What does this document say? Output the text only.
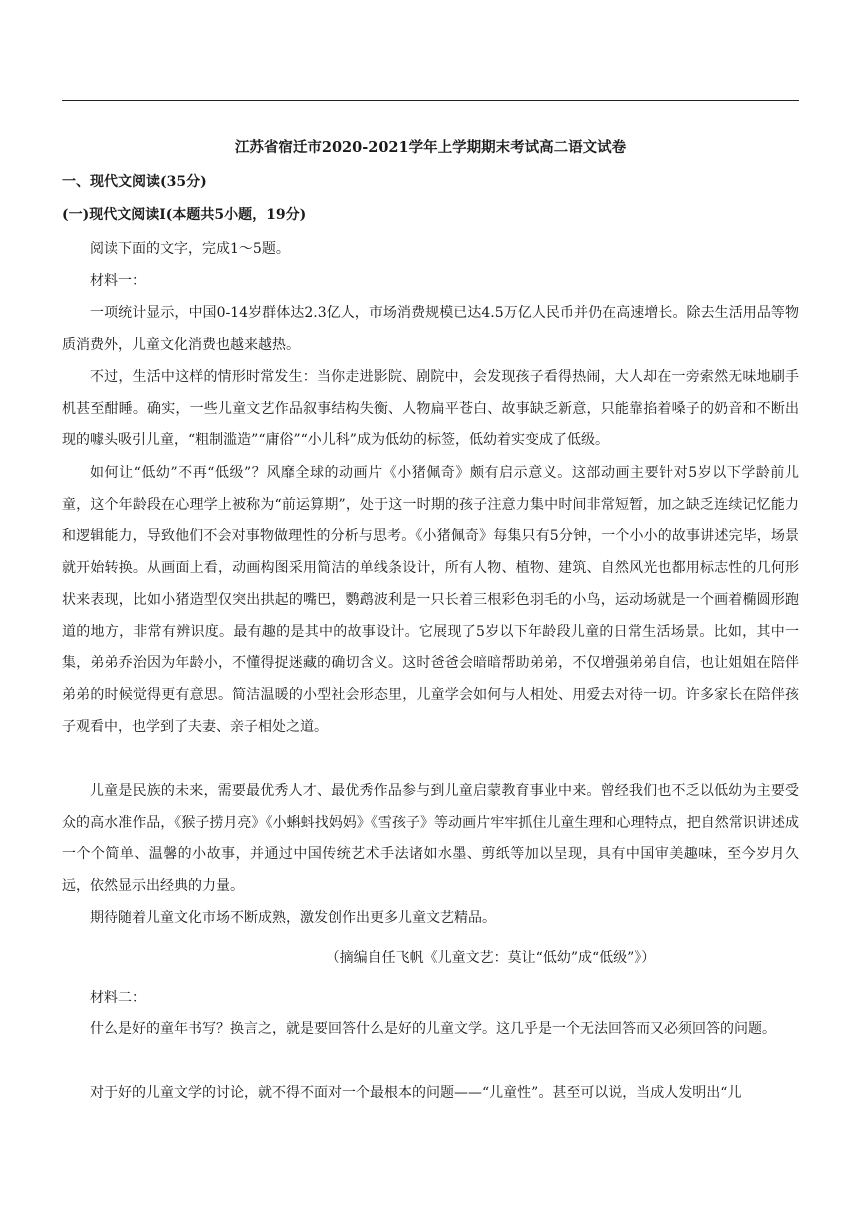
江苏省宿迁市2020-2021学年上学期期末考试高二语文试卷
一、现代文阅读(35分)
(一)现代文阅读Ⅰ(本题共5小题，19分)

阅读下面的文字，完成1～5题。

材料一：

一项统计显示，中国0-14岁群体达2.3亿人，市场消费规模已达4.5万亿人民币并仍在高速增长。除去生活用品等物质消费外，儿童文化消费也越来越热。

不过，生活中这样的情形时常发生：当你走进影院、剧院中，会发现孩子看得热闹，大人却在一旁索然无味地刷手机甚至酣睡。确实，一些儿童文艺作品叙事结构失衡、人物扁平苍白、故事缺乏新意，只能靠掐着嗓子的奶音和不断出现的噱头吸引儿童，“粗制滥造”“庸俗”“小儿科”成为低幼的标签，低幼着实变成了低级。

如何让“低幼”不再“低级”？风靡全球的动画片《小猪佩奇》颇有启示意义。这部动画主要针对5岁以下学龄前儿童，这个年龄段在心理学上被称为“前运算期”，处于这一时期的孩子注意力集中时间非常短暂，加之缺乏连续记忆能力和逻辑能力，导致他们不会对事物做理性的分析与思考。《小猪佩奇》每集只有5分钟，一个小小的故事讲述完毕，场景就开始转换。从画面上看，动画构图采用简洁的单线条设计，所有人物、植物、建筑、自然风光也都用标志性的几何形状来表现，比如小猪造型仅突出拱起的嘴巴，鹦鹉波利是一只长着三根彩色羽毛的小鸟，运动场就是一个画着椭圆形跑道的地方，非常有辨识度。最有趣的是其中的故事设计。它展现了5岁以下年龄段儿童的日常生活场景。比如，其中一集，弟弟乔治因为年龄小，不懂得捉迷藏的确切含义。这时爸爸会暗暗帮助弟弟，不仅增强弟弟自信，也让姐姐在陪伴弟弟的时候觉得更有意思。简洁温暖的小型社会形态里，儿童学会如何与人相处、用爱去对待一切。许多家长在陪伴孩子观看中，也学到了夫妻、亲子相处之道。

儿童是民族的未来，需要最优秀人才、最优秀作品参与到儿童启蒙教育事业中来。曾经我们也不乏以低幼为主要受众的高水准作品，《猴子捞月亮》《小蝌蚪找妈妈》《雪孩子》等动画片牢牢抓住儿童生理和心理特点，把自然常识讲述成一个个简单、温馨的小故事，并通过中国传统艺术手法诸如水墨、剪纸等加以呈现，具有中国审美趣味，至今岁月久远，依然显示出经典的力量。

期待随着儿童文化市场不断成熟，激发创作出更多儿童文艺精品。

（摘编自任飞帆《儿童文艺：莫让“低幼”成“低级”》）

材料二：

什么是好的童年书写？换言之，就是要回答什么是好的儿童文学。这几乎是一个无法回答而又必须回答的问题。

对于好的儿童文学的讨论，就不得不面对一个最根本的问题——“儿童性”。甚至可以说，当成人发明出“儿
